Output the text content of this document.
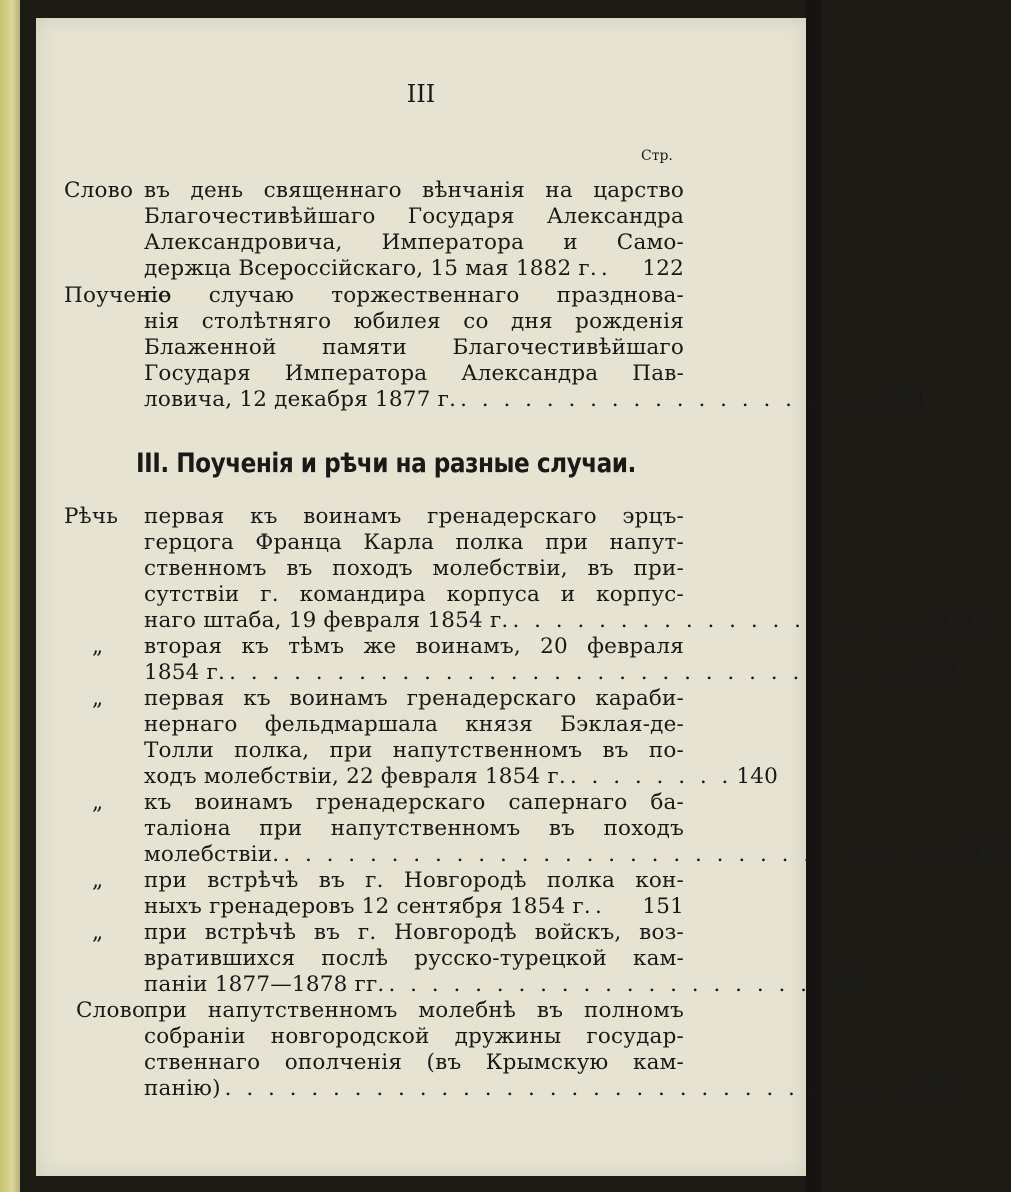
III
Стр.
Слово въ день священнаго вѣнчанія на царство
Благочестивѣйшаго Государя Александра
Александровича, Императора и Само-
держца Всероссійскаго, 15 мая 1882 г. .	122
Поученіе
по случаю торжественнаго празднова-
нія столѣтняго юбилея со дня рожденія
Блаженной памяти Благочестивѣйшаго
Государя Императора Александра Пав-
ловича, 12 декабря 1877 г. . . . . . . . . . . . . . . . . . . . . 131
III. Поученія и рѣчи на разные случаи.
Рѣчь	первая къ воинамъ гренадерскаго эрцъ-
герцога Франца Карла полка при напут-
ственномъ въ походъ молебствіи, въ при-
сутствіи г. командира корпуса и корпус-
наго штаба, 19 февраля 1854 г. . . . . . . . . . . . . . . . . . . . . 136
„ вторая къ тѣмъ же воинамъ, 20 февраля
1854 г. . . . . . . . . . . . . . . . . . . . . . . . . . . . . . . . . 138
„ первая къ воинамъ гренадерскаго караби-
нернаго фельдмаршала князя Бэклая-де-
Толли полка, при напутственномъ въ по-
ходъ молебствіи, 22 февраля 1854 г. . . . . . . . . 140
„ къ воинамъ гренадерскаго сапернаго ба-
таліона при напутственномъ въ походъ
молебствіи. . . . . . . . . . . . . . . . . . . . . . . . . . . . . . . . . 145
„ при встрѣчѣ въ г. Новгородѣ полка кон-
ныхъ гренадеровъ 12 сентября 1854 г. .	151
„ при встрѣчѣ въ г. Новгородѣ войскъ, воз-
вратившихся послѣ русско-турецкой кам-
паніи 1877—1878 гг. . . . . . . . . . . . . . . . . . . . . 154
Слово
при напутственномъ молебнѣ въ полномъ
собраніи новгородской дружины государ-
ственнаго ополченія (въ Крымскую кам-
панію) . . . . . . . . . . . . . . . . . . . . . . . . . . . . . . . . 156
